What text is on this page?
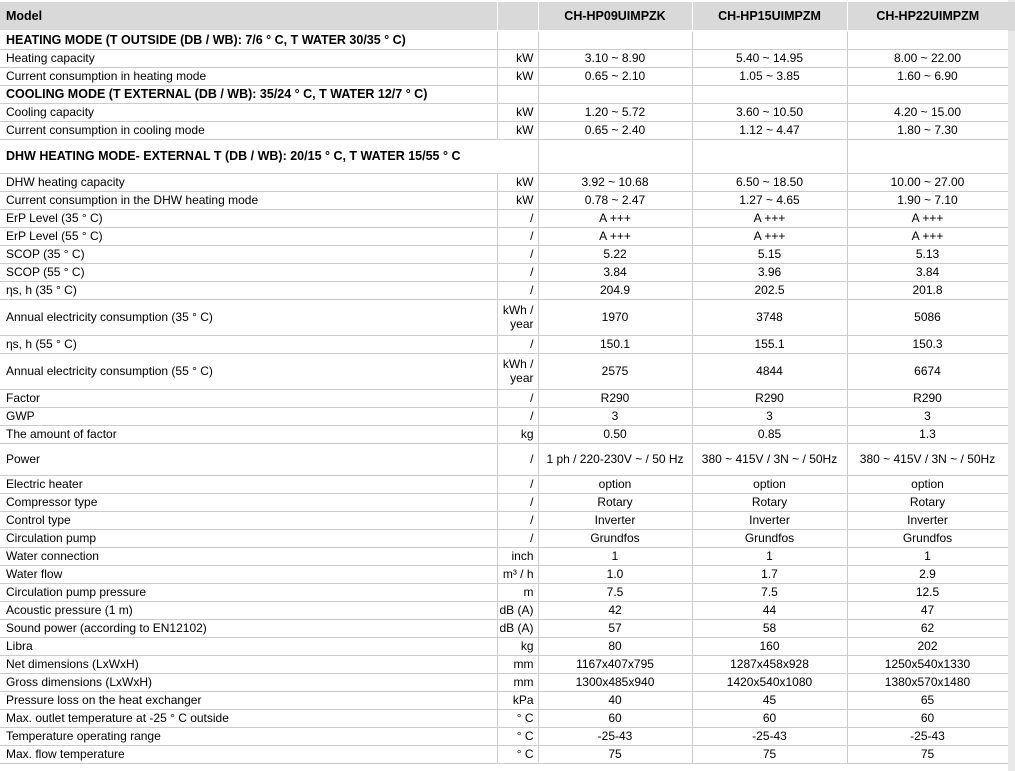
Model		CH-HP09UIMPZK	CH-HP15UIMPZM	CH-HP22UIMPZM
HEATING MODE (T OUTSIDE (DB / WB): 7/6 ° C, T WATER 30/35 ° C)				
Heating capacity	kW	3.10 ~ 8.90	5.40 ~ 14.95	8.00 ~ 22.00
Current consumption in heating mode	kW	0.65 ~ 2.10	1.05 ~ 3.85	1.60 ~ 6.90
COOLING MODE (T EXTERNAL (DB / WB): 35/24 ° C, T WATER 12/7 ° C)				
Cooling capacity	kW	1.20 ~ 5.72	3.60 ~ 10.50	4.20 ~ 15.00
Current consumption in cooling mode	kW	0.65 ~ 2.40	1.12 ~ 4.47	1.80 ~ 7.30
DHW HEATING MODE- EXTERNAL T (DB / WB): 20/15 ° C, T WATER 15/55 ° C				
DHW heating capacity	kW	3.92 ~ 10.68	6.50 ~ 18.50	10.00 ~ 27.00
Current consumption in the DHW heating mode	kW	0.78 ~ 2.47	1.27 ~ 4.65	1.90 ~ 7.10
ErP Level (35 ° C)	/	A +++	A +++	A +++
ErP Level (55 ° C)	/	A +++	A +++	A +++
SCOP (35 ° C)	/	5.22	5.15	5.13
SCOP (55 ° C)	/	3.84	3.96	3.84
ηs, h (35 ° C)	/	204.9	202.5	201.8
Annual electricity consumption (35 ° C)	kWh / year	1970	3748	5086
ηs, h (55 ° C)	/	150.1	155.1	150.3
Annual electricity consumption (55 ° C)	kWh / year	2575	4844	6674
Factor	/	R290	R290	R290
GWP	/	3	3	3
The amount of factor	kg	0.50	0.85	1.3
Power	/	1 ph / 220-230V ~ / 50 Hz	380 ~ 415V / 3N ~ / 50Hz	380 ~ 415V / 3N ~ / 50Hz
Electric heater	/	option	option	option
Compressor type	/	Rotary	Rotary	Rotary
Control type	/	Inverter	Inverter	Inverter
Circulation pump	/	Grundfos	Grundfos	Grundfos
Water connection	inch	1	1	1
Water flow	m³ / h	1.0	1.7	2.9
Circulation pump pressure	m	7.5	7.5	12.5
Acoustic pressure (1 m)	dB (A)	42	44	47
Sound power (according to EN12102)	dB (A)	57	58	62
Libra	kg	80	160	202
Net dimensions (LxWxH)	mm	1167x407x795	1287x458x928	1250x540x1330
Gross dimensions (LxWxH)	mm	1300x485x940	1420x540x1080	1380x570x1480
Pressure loss on the heat exchanger	kPa	40	45	65
Max. outlet temperature at -25 ° C outside	° C	60	60	60
Temperature operating range	° C	-25-43	-25-43	-25-43
Max. flow temperature	° C	75	75	75
